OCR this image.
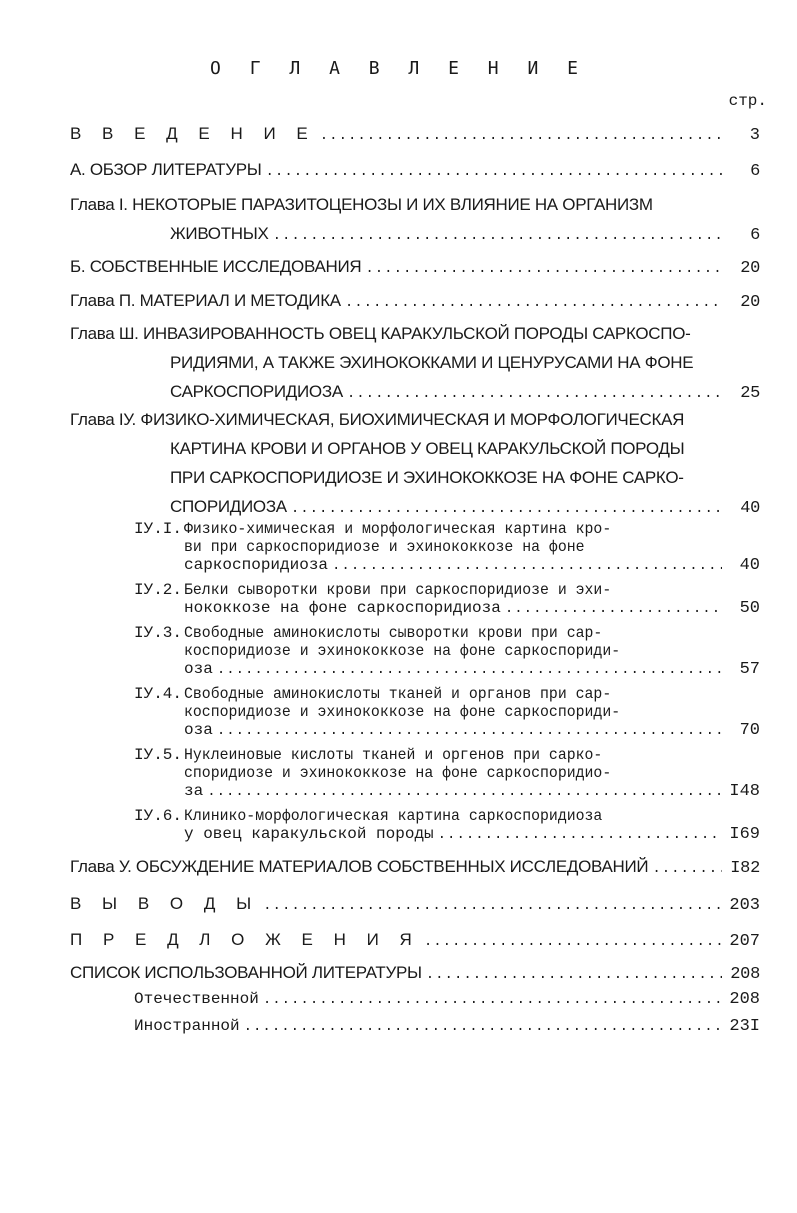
О Г Л А В Л Е Н И Е
стр.
В В Е Д Е Н И Е .....	3
А. ОБЗОР ЛИТЕРАТУРЫ .....	6
Глава I. НЕКОТОРЫЕ ПАРАЗИТОЦЕНОЗЫ И ИХ ВЛИЯНИЕ НА ОРГАНИЗМ
ЖИВОТНЫХ .....	6
Б. СОБСТВЕННЫЕ ИССЛЕДОВАНИЯ .....	20
Глава П. МАТЕРИАЛ И МЕТОДИКА .....	20
Глава Ш. ИНВАЗИРОВАННОСТЬ ОВЕЦ КАРАКУЛЬСКОЙ ПОРОДЫ САРКОСПО-
РИДИЯМИ, А ТАКЖЕ ЭХИНОКОККАМИ И ЦЕНУРУСАМИ НА ФОНЕ
САРКОСПОРИДИОЗА .....	25
Глава IУ. ФИЗИКО-ХИМИЧЕСКАЯ, БИОХИМИЧЕСКАЯ И МОРФОЛОГИЧЕСКАЯ
КАРТИНА КРОВИ И ОРГАНОВ У ОВЕЦ КАРАКУЛЬСКОЙ ПОРОДЫ
ПРИ САРКОСПОРИДИОЗЕ И ЭХИНОКОККОЗЕ НА ФОНЕ САРКО-
СПОРИДИОЗА .....	40
IУ.I. Физико-химическая и морфологическая картина кро- ви при саркоспоридиозе и эхинококкозе на фоне
саркоспоридиоза .....	40
IУ.2. Белки сыворотки крови при саркоспоридиозе и эхи-
нококкозе на фоне саркоспоридиоза .....	50
IУ.3. Свободные аминокислоты сыворотки крови при сар- коспоридиозе и эхинококкозе на фоне саркоспориди-
оза .....	57
IУ.4. Свободные аминокислоты тканей и органов при сар- коспоридиозе и эхинококкозе на фоне саркоспориди-
оза .....	70
IУ.5. Нуклеиновые кислоты тканей и оргенов при сарко- споридиозе и эхинококкозе на фоне саркоспоридио-
за .....	I48
IУ.6. Клинико-морфологическая картина саркоспоридиоза
у овец каракульской породы .....	I69
Глава У. ОБСУЖДЕНИЕ МАТЕРИАЛОВ СОБСТВЕННЫХ ИССЛЕДОВАНИЙ .....	I82
В Ы В О Д Ы .....	203
П Р Е Д Л О Ж Е Н И Я .....	207
СПИСОК ИСПОЛЬЗОВАННОЙ ЛИТЕРАТУРЫ .....	208
Отечественной .....	208
Иностранной .....	23I
